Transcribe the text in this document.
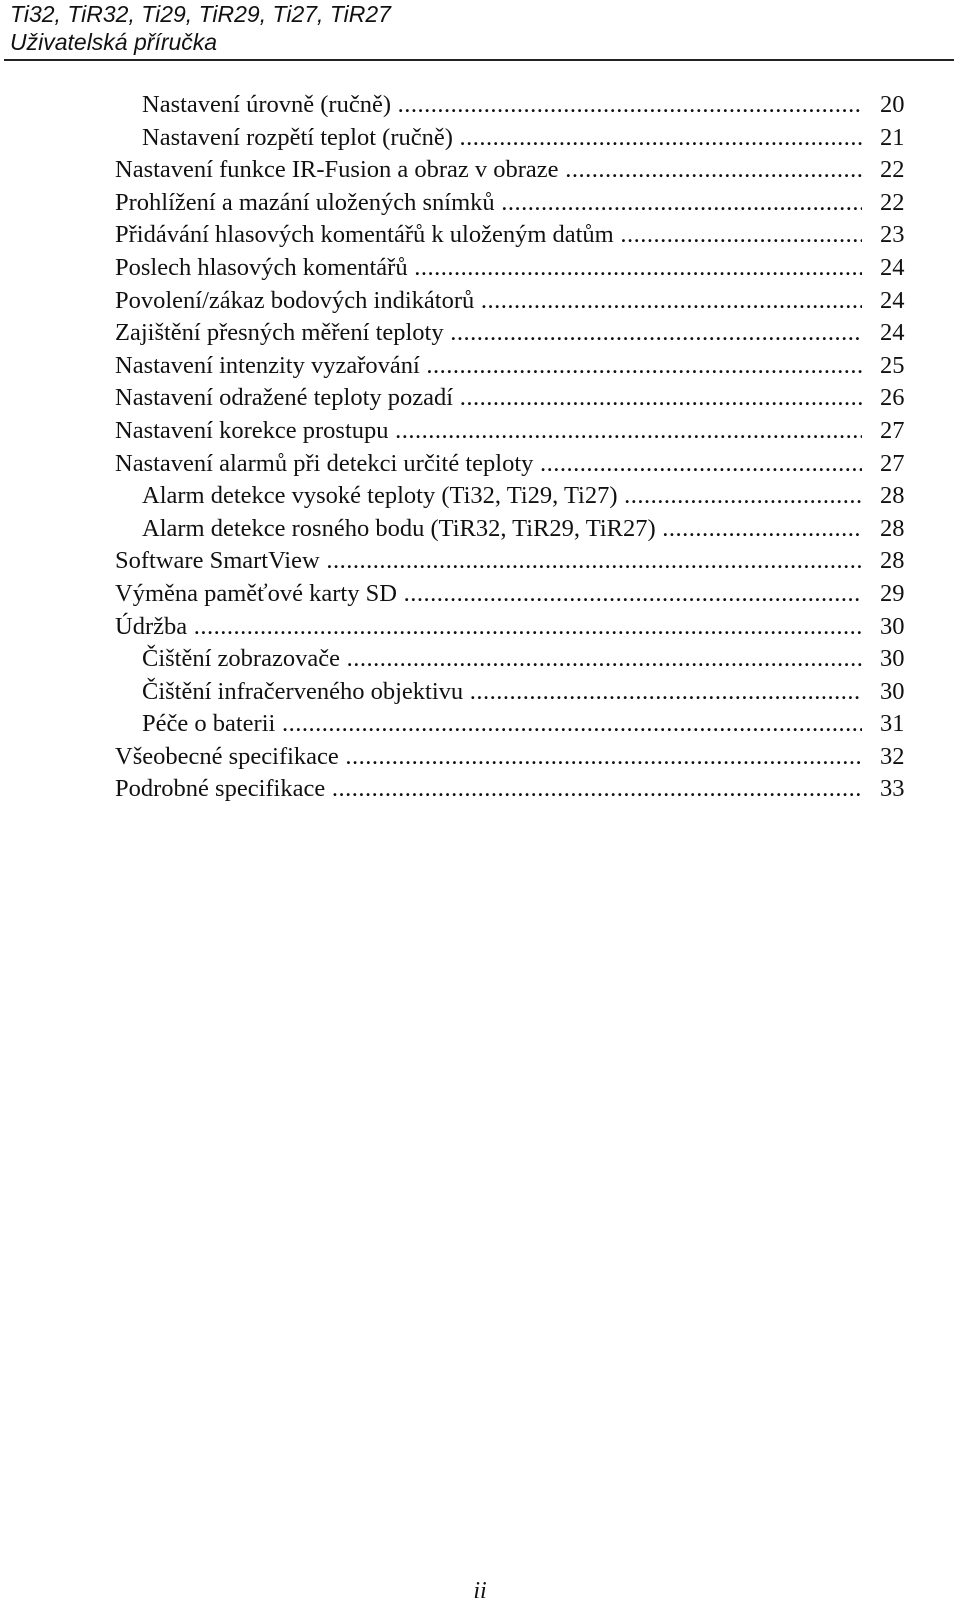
Ti32, TiR32, Ti29, TiR29, Ti27, TiR27
Uživatelská příručka
Nastavení úrovně (ručně) .....	20
Nastavení rozpětí teplot (ručně) .....	21
Nastavení funkce IR-Fusion a obraz v obraze .....	22
Prohlížení a mazání uložených snímků .....	22
Přidávání hlasových komentářů k uloženým datům .....	23
Poslech hlasových komentářů .....	24
Povolení/zákaz bodových indikátorů .....	24
Zajištění přesných měření teploty .....	24
Nastavení intenzity vyzařování .....	25
Nastavení odražené teploty pozadí .....	26
Nastavení korekce prostupu .....	27
Nastavení alarmů při detekci určité teploty .....	27
Alarm detekce vysoké teploty (Ti32, Ti29, Ti27) .....	28
Alarm detekce rosného bodu (TiR32, TiR29, TiR27) .....	28
Software SmartView .....	28
Výměna paměťové karty SD .....	29
Údržba .....	30
Čištění zobrazovače .....	30
Čištění infračerveného objektivu .....	30
Péče o baterii .....	31
Všeobecné specifikace .....	32
Podrobné specifikace .....	33
ii
